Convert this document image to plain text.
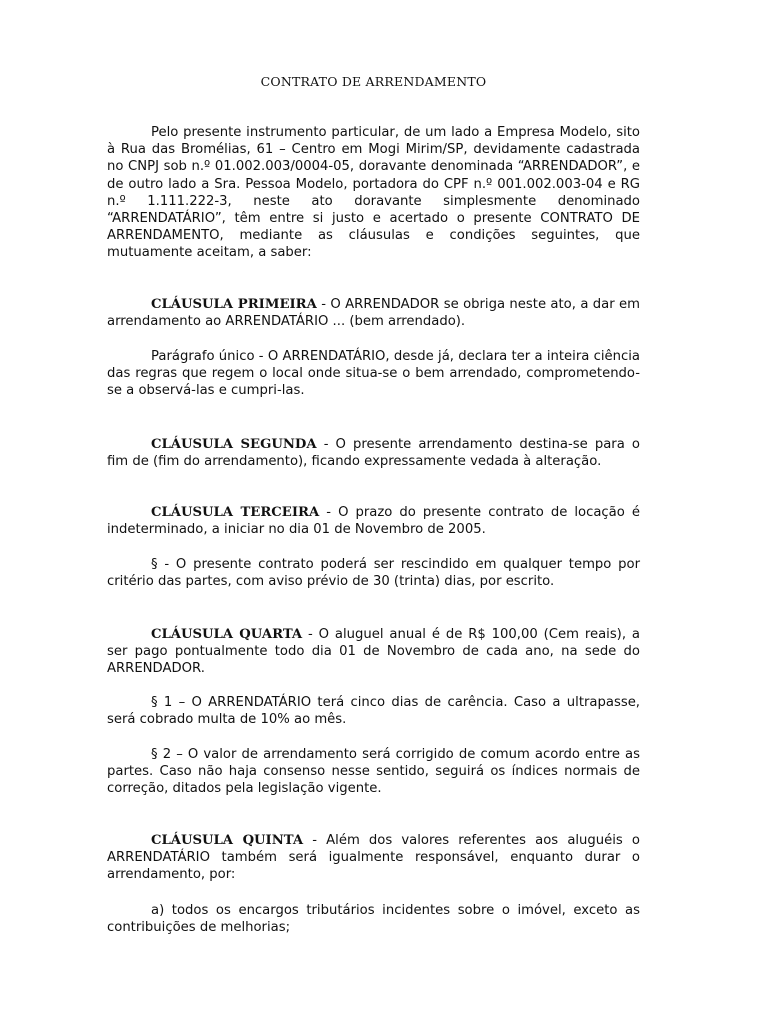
CONTRATO DE ARRENDAMENTO

Pelo presente instrumento particular, de um lado a Empresa Modelo, sito à Rua das Bromélias, 61 – Centro em Mogi Mirim/SP, devidamente cadastrada no CNPJ sob n.º 01.002.003/0004-05, doravante denominada “ARRENDADOR”, e de outro lado a Sra. Pessoa Modelo, portadora do CPF n.º 001.002.003-04 e RG n.º 1.111.222-3, neste ato doravante simplesmente denominado “ARRENDATÁRIO”, têm entre si justo e acertado o presente CONTRATO DE ARRENDAMENTO, mediante as cláusulas e condições seguintes, que mutuamente aceitam, a saber:

CLÁUSULA PRIMEIRA - O ARRENDADOR se obriga neste ato, a dar em arrendamento ao ARRENDATÁRIO ... (bem arrendado).

Parágrafo único - O ARRENDATÁRIO, desde já, declara ter a inteira ciência das regras que regem o local onde situa-se o bem arrendado, comprometendo-se a observá-las e cumpri-las.

CLÁUSULA SEGUNDA - O presente arrendamento destina-se para o fim de (fim do arrendamento), ficando expressamente vedada à alteração.

CLÁUSULA TERCEIRA - O prazo do presente contrato de locação é indeterminado, a iniciar no dia 01 de Novembro de 2005.

§ - O presente contrato poderá ser rescindido em qualquer tempo por critério das partes, com aviso prévio de 30 (trinta) dias, por escrito.

CLÁUSULA QUARTA - O aluguel anual é de R$ 100,00 (Cem reais), a ser pago pontualmente todo dia 01 de Novembro de cada ano, na sede do ARRENDADOR.

§ 1 – O ARRENDATÁRIO terá cinco dias de carência. Caso a ultrapasse, será cobrado multa de 10% ao mês.

§ 2 – O valor de arrendamento será corrigido de comum acordo entre as partes. Caso não haja consenso nesse sentido, seguirá os índices normais de correção, ditados pela legislação vigente.

CLÁUSULA QUINTA - Além dos valores referentes aos aluguéis o ARRENDATÁRIO também será igualmente responsável, enquanto durar o arrendamento, por:

a) todos os encargos tributários incidentes sobre o imóvel, exceto as contribuições de melhorias;
